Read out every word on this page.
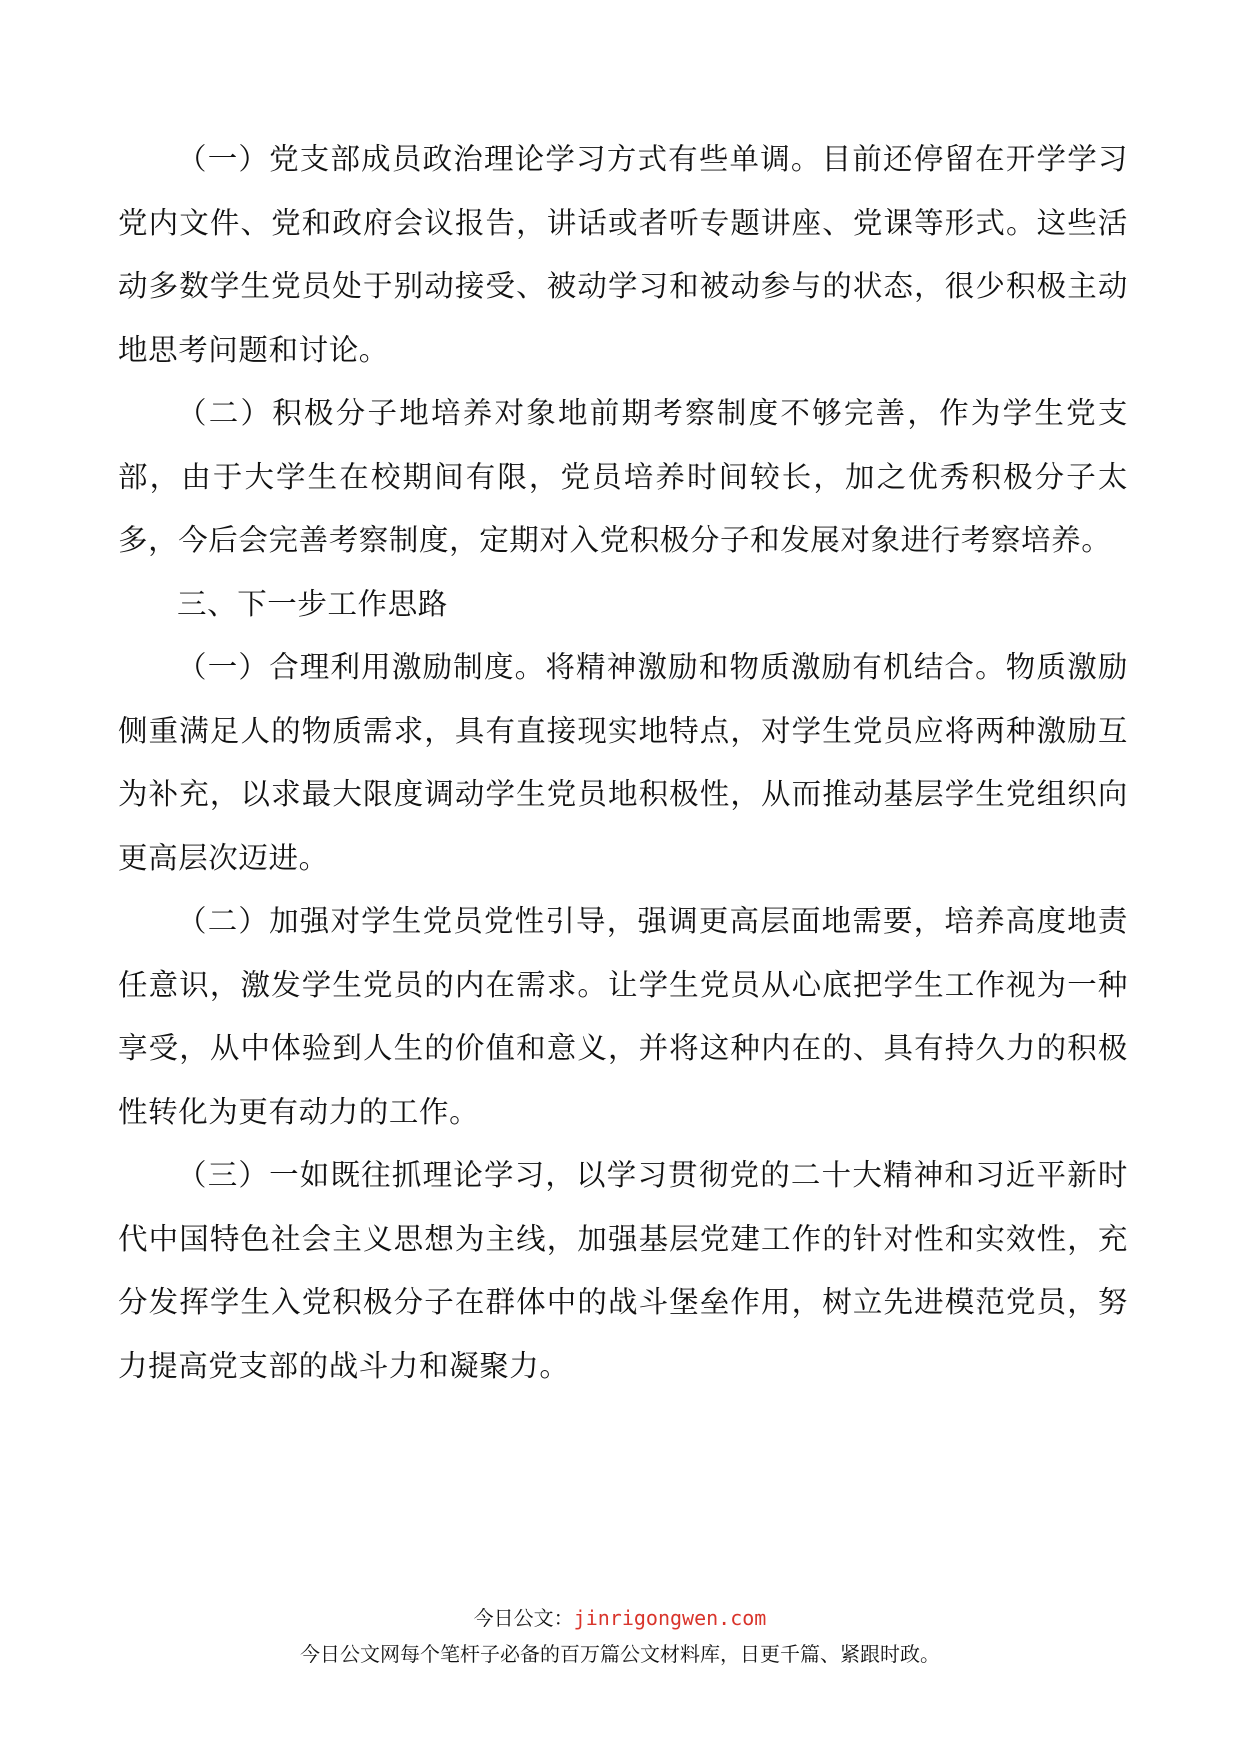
（一）党支部成员政治理论学习方式有些单调。目前还停留在开学学习党内文件、党和政府会议报告，讲话或者听专题讲座、党课等形式。这些活动多数学生党员处于别动接受、被动学习和被动参与的状态，很少积极主动地思考问题和讨论。

（二）积极分子地培养对象地前期考察制度不够完善，作为学生党支部，由于大学生在校期间有限，党员培养时间较长，加之优秀积极分子太多，今后会完善考察制度，定期对入党积极分子和发展对象进行考察培养。

三、下一步工作思路

（一）合理利用激励制度。将精神激励和物质激励有机结合。物质激励侧重满足人的物质需求，具有直接现实地特点，对学生党员应将两种激励互为补充，以求最大限度调动学生党员地积极性，从而推动基层学生党组织向更高层次迈进。

（二）加强对学生党员党性引导，强调更高层面地需要，培养高度地责任意识，激发学生党员的内在需求。让学生党员从心底把学生工作视为一种享受，从中体验到人生的价值和意义，并将这种内在的、具有持久力的积极性转化为更有动力的工作。

（三）一如既往抓理论学习，以学习贯彻党的二十大精神和习近平新时代中国特色社会主义思想为主线，加强基层党建工作的针对性和实效性，充分发挥学生入党积极分子在群体中的战斗堡垒作用，树立先进模范党员，努力提高党支部的战斗力和凝聚力。

今日公文：jinrigongwen.com
今日公文网每个笔杆子必备的百万篇公文材料库，日更千篇、紧跟时政。
